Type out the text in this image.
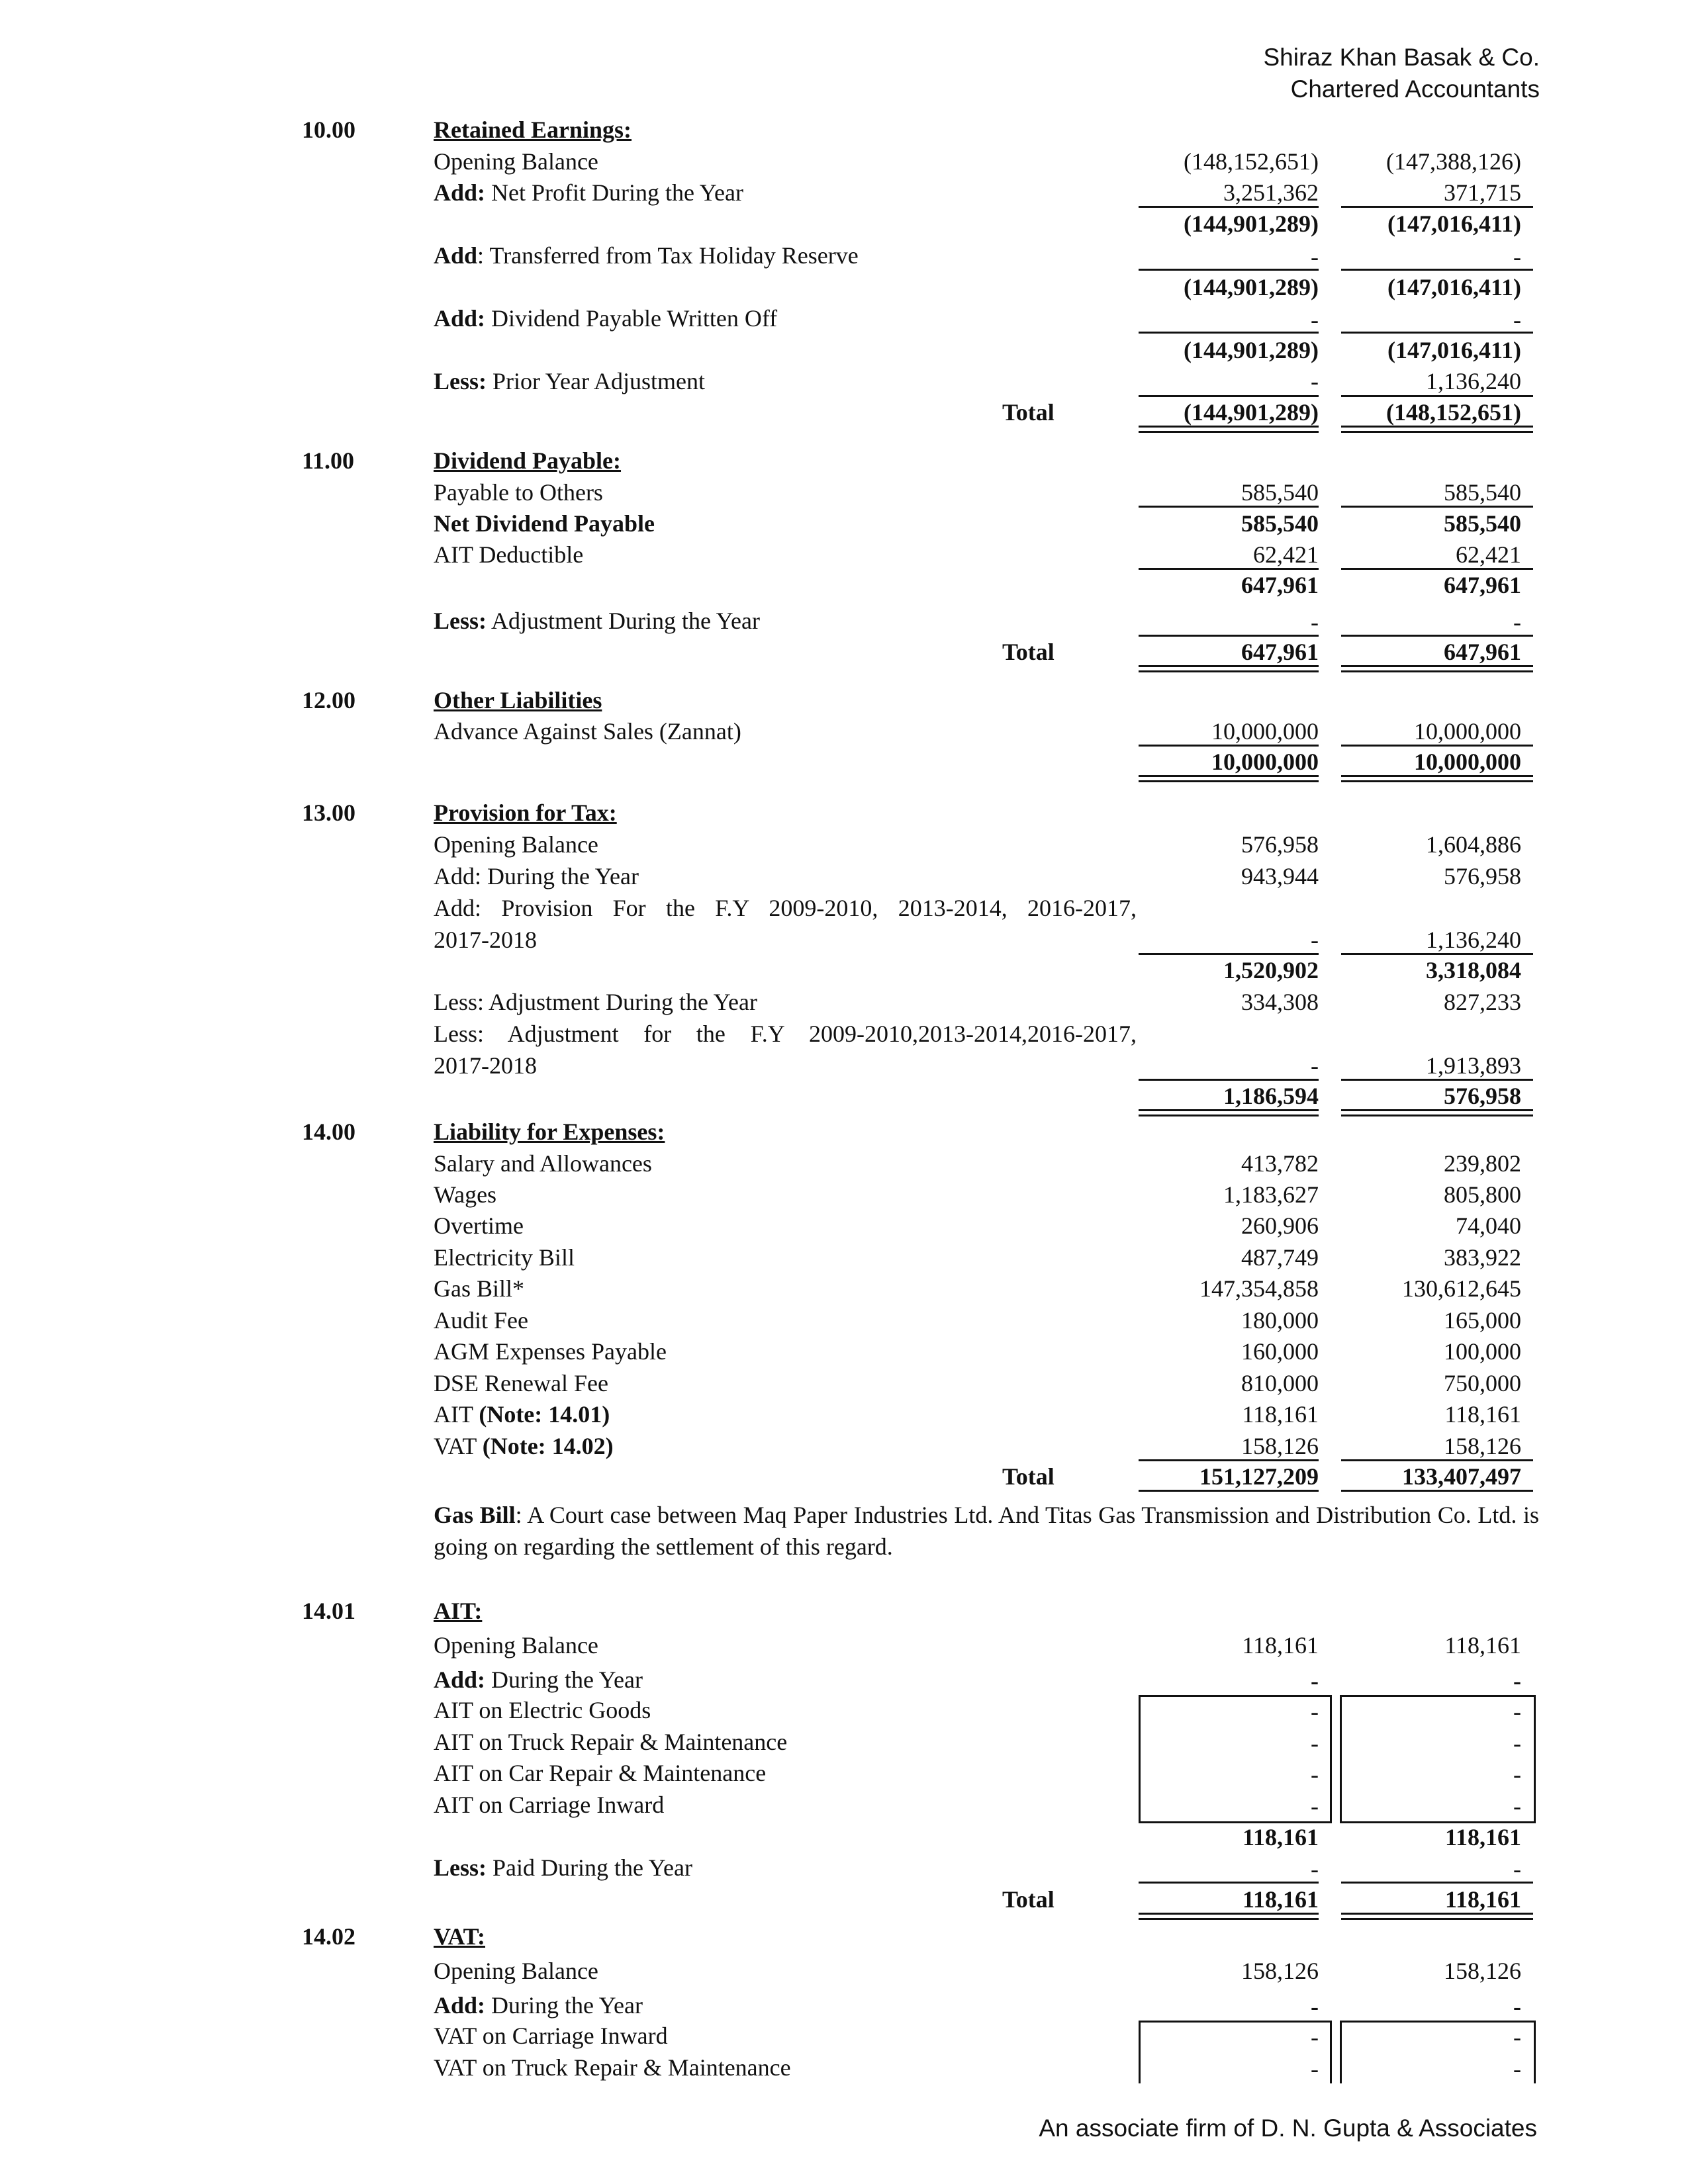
Shiraz Khan Basak & Co.
Chartered Accountants
10.00	Retained Earnings:
Opening Balance	(148,152,651)	(147,388,126)
Add: Net Profit During the Year	3,251,362	371,715
(144,901,289)	(147,016,411)
Add: Transferred from Tax Holiday Reserve	-	-
(144,901,289)	(147,016,411)
Add: Dividend Payable Written Off	-	-
(144,901,289)	(147,016,411)
Less: Prior Year Adjustment	-	1,136,240
Total	(144,901,289)	(148,152,651)
11.00	Dividend Payable:
Payable to Others	585,540	585,540
Net Dividend Payable	585,540	585,540
AIT Deductible	62,421	62,421
647,961	647,961
Less: Adjustment During the Year	-	-
Total	647,961	647,961
12.00	Other Liabilities
Advance Against Sales (Zannat)	10,000,000	10,000,000
10,000,000	10,000,000
13.00	Provision for Tax:
Opening Balance	576,958	1,604,886
Add: During the Year	943,944	576,958
Add: Provision For the F.Y 2009-2010, 2013-2014, 2016-2017,
2017-2018	-	1,136,240
1,520,902	3,318,084
Less: Adjustment During the Year	334,308	827,233
Less: Adjustment for the F.Y 2009-2010,2013-2014,2016-2017,
2017-2018	-	1,913,893
1,186,594	576,958
14.00	Liability for Expenses:
Salary and Allowances	413,782	239,802
Wages	1,183,627	805,800
Overtime	260,906	74,040
Electricity Bill	487,749	383,922
Gas Bill*	147,354,858	130,612,645
Audit Fee	180,000	165,000
AGM Expenses Payable	160,000	100,000
DSE Renewal Fee	810,000	750,000
AIT (Note: 14.01)	118,161	118,161
VAT (Note: 14.02)	158,126	158,126
Total	151,127,209	133,407,497
Gas Bill: A Court case between Maq Paper Industries Ltd. And Titas Gas Transmission and Distribution Co. Ltd. is going on regarding the settlement of this regard.
14.01	AIT:
Opening Balance	118,161	118,161
Add: During the Year	-	-
AIT on Electric Goods	-	-
AIT on Truck Repair & Maintenance	-	-
AIT on Car Repair & Maintenance	-	-
AIT on Carriage Inward	-	-
118,161	118,161
Less: Paid During the Year	-	-
Total	118,161	118,161
14.02	VAT:
Opening Balance	158,126	158,126
Add: During the Year	-	-
VAT on Carriage Inward	-	-
VAT on Truck Repair & Maintenance	-	-
An associate firm of D. N. Gupta & Associates
